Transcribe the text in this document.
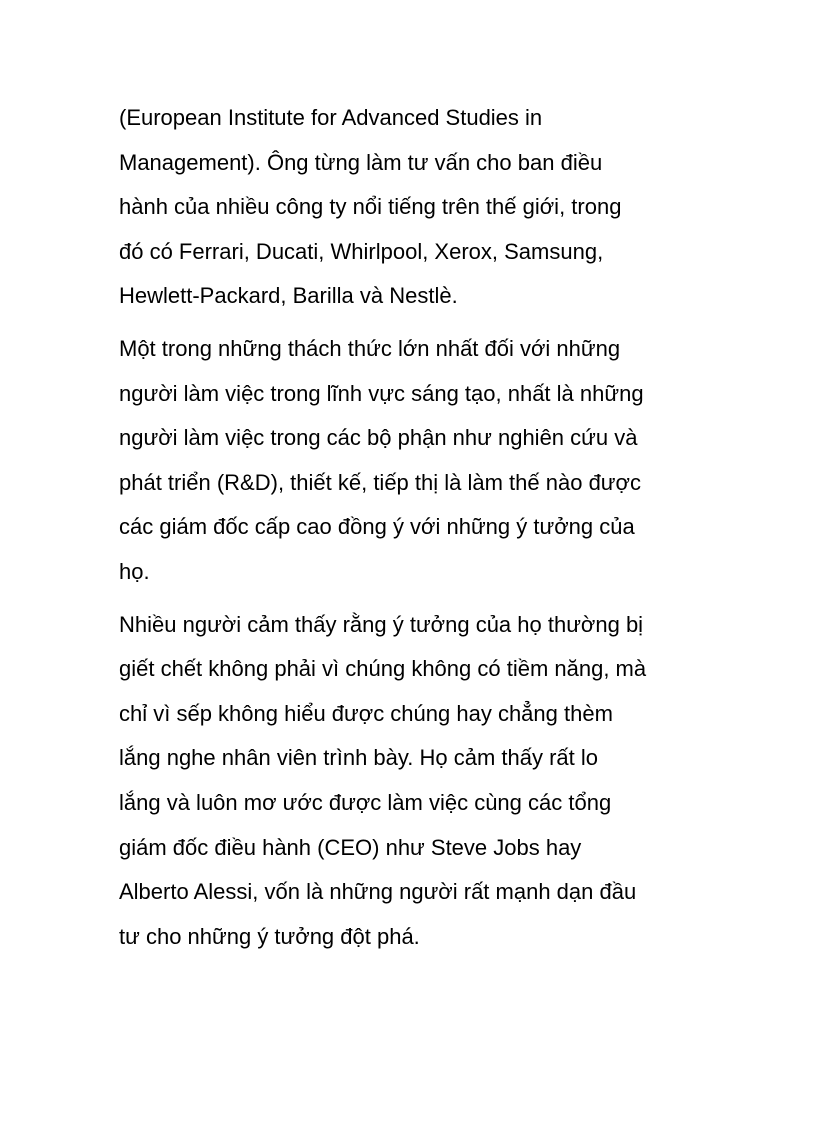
(European Institute for Advanced Studies in
Management). Ông từng làm tư vấn cho ban điều
hành của nhiều công ty nổi tiếng trên thế giới, trong
đó có Ferrari, Ducati, Whirlpool, Xerox, Samsung,
Hewlett-Packard, Barilla và Nestlè.

Một trong những thách thức lớn nhất đối với những
người làm việc trong lĩnh vực sáng tạo, nhất là những
người làm việc trong các bộ phận như nghiên cứu và
phát triển (R&D), thiết kế, tiếp thị là làm thế nào được
các giám đốc cấp cao đồng ý với những ý tưởng của
họ.

Nhiều người cảm thấy rằng ý tưởng của họ thường bị
giết chết không phải vì chúng không có tiềm năng, mà
chỉ vì sếp không hiểu được chúng hay chẳng thèm
lắng nghe nhân viên trình bày. Họ cảm thấy rất lo
lắng và luôn mơ ước được làm việc cùng các tổng
giám đốc điều hành (CEO) như Steve Jobs hay
Alberto Alessi, vốn là những người rất mạnh dạn đầu
tư cho những ý tưởng đột phá.
